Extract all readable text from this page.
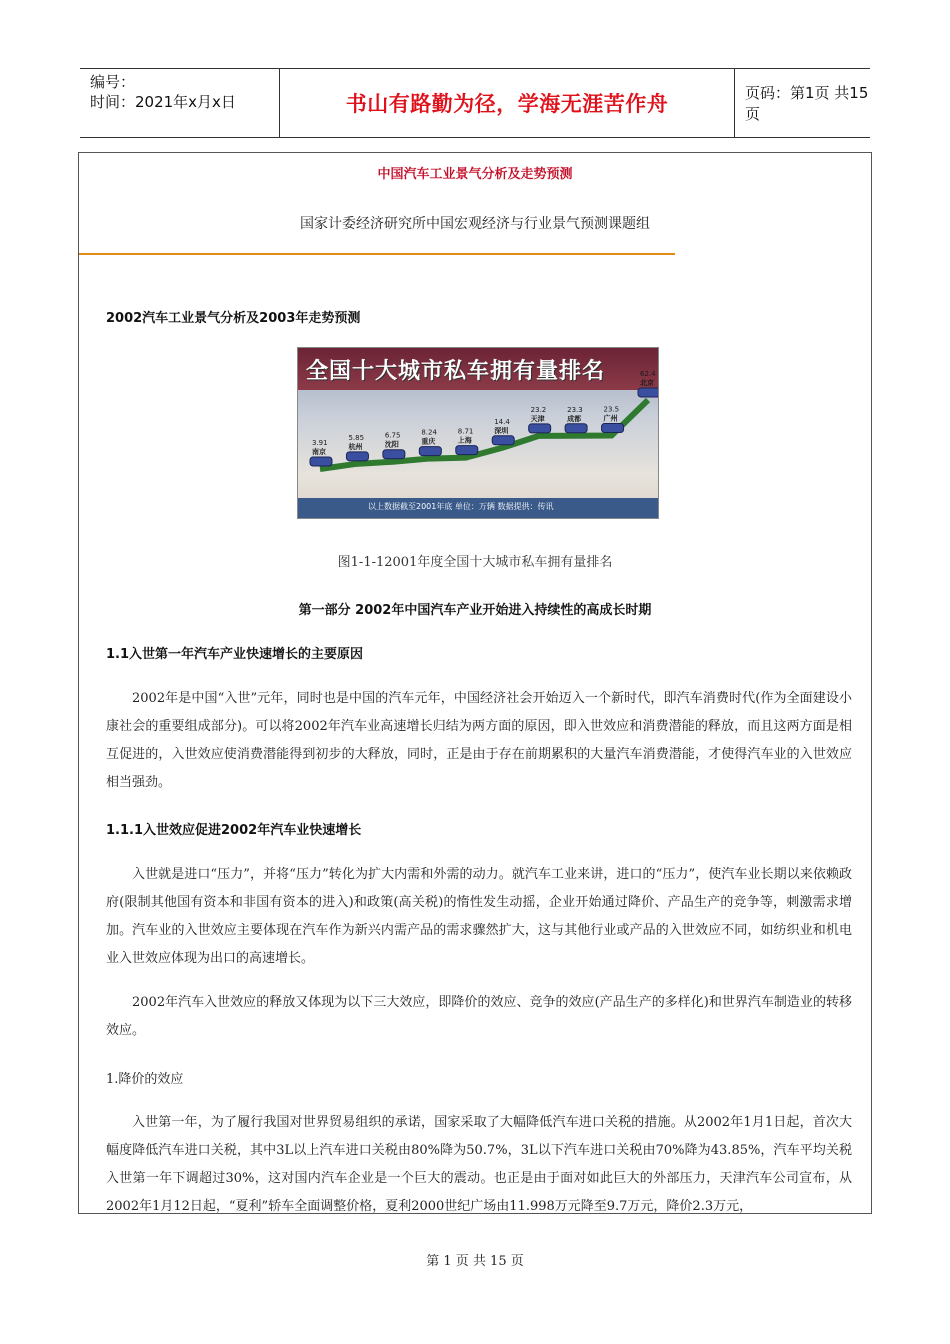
编号：
时间：2021年x月x日	书山有路勤为径，学海无涯苦作舟	页码：第1页 共15页
中国汽车工业景气分析及走势预测
国家计委经济研究所中国宏观经济与行业景气预测课题组
2002汽车工业景气分析及2003年走势预测
全国十大城市私车拥有量排名
3.91
南京
5.85
杭州
6.75
沈阳
8.24
重庆
8.71
上海
14.4
深圳
23.2
天津
23.3
成都
23.5
广州
62.4
北京
以上数据截至2001年底 单位：万辆 数据提供：传讯
图1-1-12001年度全国十大城市私车拥有量排名
第一部分 2002年中国汽车产业开始进入持续性的高成长时期
1.1入世第一年汽车产业快速增长的主要原因
2002年是中国“入世”元年，同时也是中国的汽车元年，中国经济社会开始迈入一个新时代，即汽车消费时代(作为全面建设小康社会的重要组成部分)。可以将2002年汽车业高速增长归结为两方面的原因，即入世效应和消费潜能的释放，而且这两方面是相互促进的，入世效应使消费潜能得到初步的大释放，同时，正是由于存在前期累积的大量汽车消费潜能，才使得汽车业的入世效应相当强劲。
1.1.1入世效应促进2002年汽车业快速增长
入世就是进口“压力”，并将“压力”转化为扩大内需和外需的动力。就汽车工业来讲，进口的“压力”，使汽车业长期以来依赖政府(限制其他国有资本和非国有资本的进入)和政策(高关税)的惰性发生动摇，企业开始通过降价、产品生产的竞争等，刺激需求增加。汽车业的入世效应主要体现在汽车作为新兴内需产品的需求骤然扩大，这与其他行业或产品的入世效应不同，如纺织业和机电业入世效应体现为出口的高速增长。
2002年汽车入世效应的释放又体现为以下三大效应，即降价的效应、竞争的效应(产品生产的多样化)和世界汽车制造业的转移效应。
1.降价的效应
入世第一年，为了履行我国对世界贸易组织的承诺，国家采取了大幅降低汽车进口关税的措施。从2002年1月1日起，首次大幅度降低汽车进口关税，其中3L以上汽车进口关税由80%降为50.7%，3L以下汽车进口关税由70%降为43.85%，汽车平均关税入世第一年下调超过30%，这对国内汽车企业是一个巨大的震动。也正是由于面对如此巨大的外部压力，天津汽车公司宣布，从2002年1月12日起，“夏利”轿车全面调整价格，夏利2000世纪广场由11.998万元降至9.7万元，降价2.3万元，
第 1 页 共 15 页
